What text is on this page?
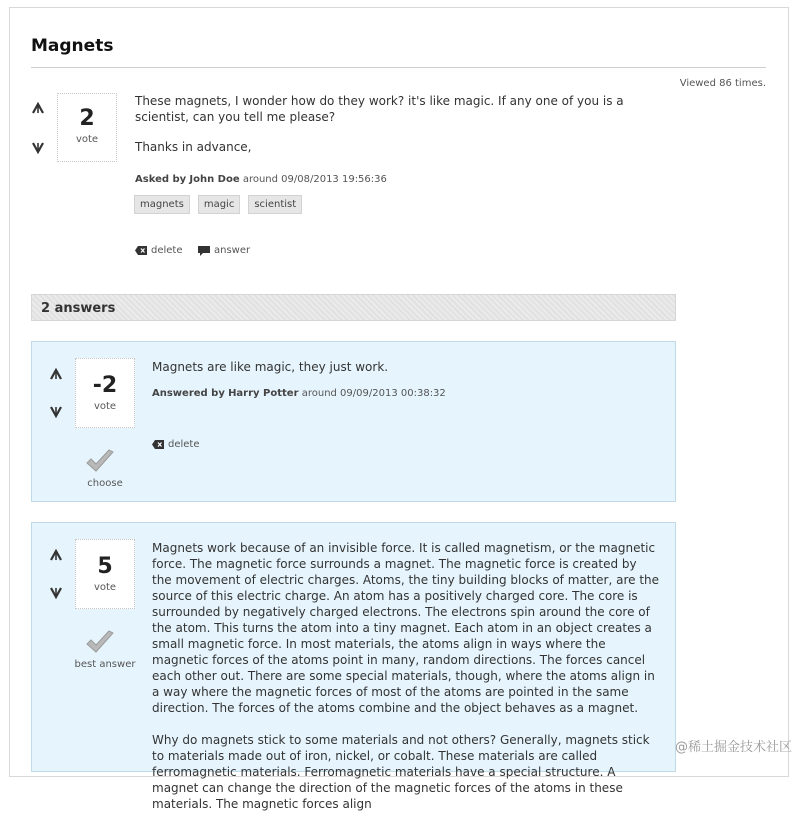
Magnets
Viewed 86 times.
2
vote

These magnets, I wonder how do they work? it's like magic. If any one of you is a scientist, can you tell me please?

Thanks in advance,

Asked by John Doe around 09/08/2013 19:56:36
magnets	magic	scientist
delete	answer
2 answers
-2
vote
choose

Magnets are like magic, they just work.

Answered by Harry Potter around 09/09/2013 00:38:32
delete
5
vote
best answer

Magnets work because of an invisible force. It is called magnetism, or the magnetic force. The magnetic force surrounds a magnet. The magnetic force is created by the movement of electric charges. Atoms, the tiny building blocks of matter, are the source of this electric charge. An atom has a positively charged core. The core is surrounded by negatively charged electrons. The electrons spin around the core of the atom. This turns the atom into a tiny magnet. Each atom in an object creates a small magnetic force. In most materials, the atoms align in ways where the magnetic forces of the atoms point in many, random directions. The forces cancel each other out. There are some special materials, though, where the atoms align in a way where the magnetic forces of most of the atoms are pointed in the same direction. The forces of the atoms combine and the object behaves as a magnet.

Why do magnets stick to some materials and not others? Generally, magnets stick to materials made out of iron, nickel, or cobalt. These materials are called ferromagnetic materials. Ferromagnetic materials have a special structure. A magnet can change the direction of the magnetic forces of the atoms in these materials. The magnetic forces align	@稀土掘金技术社区
